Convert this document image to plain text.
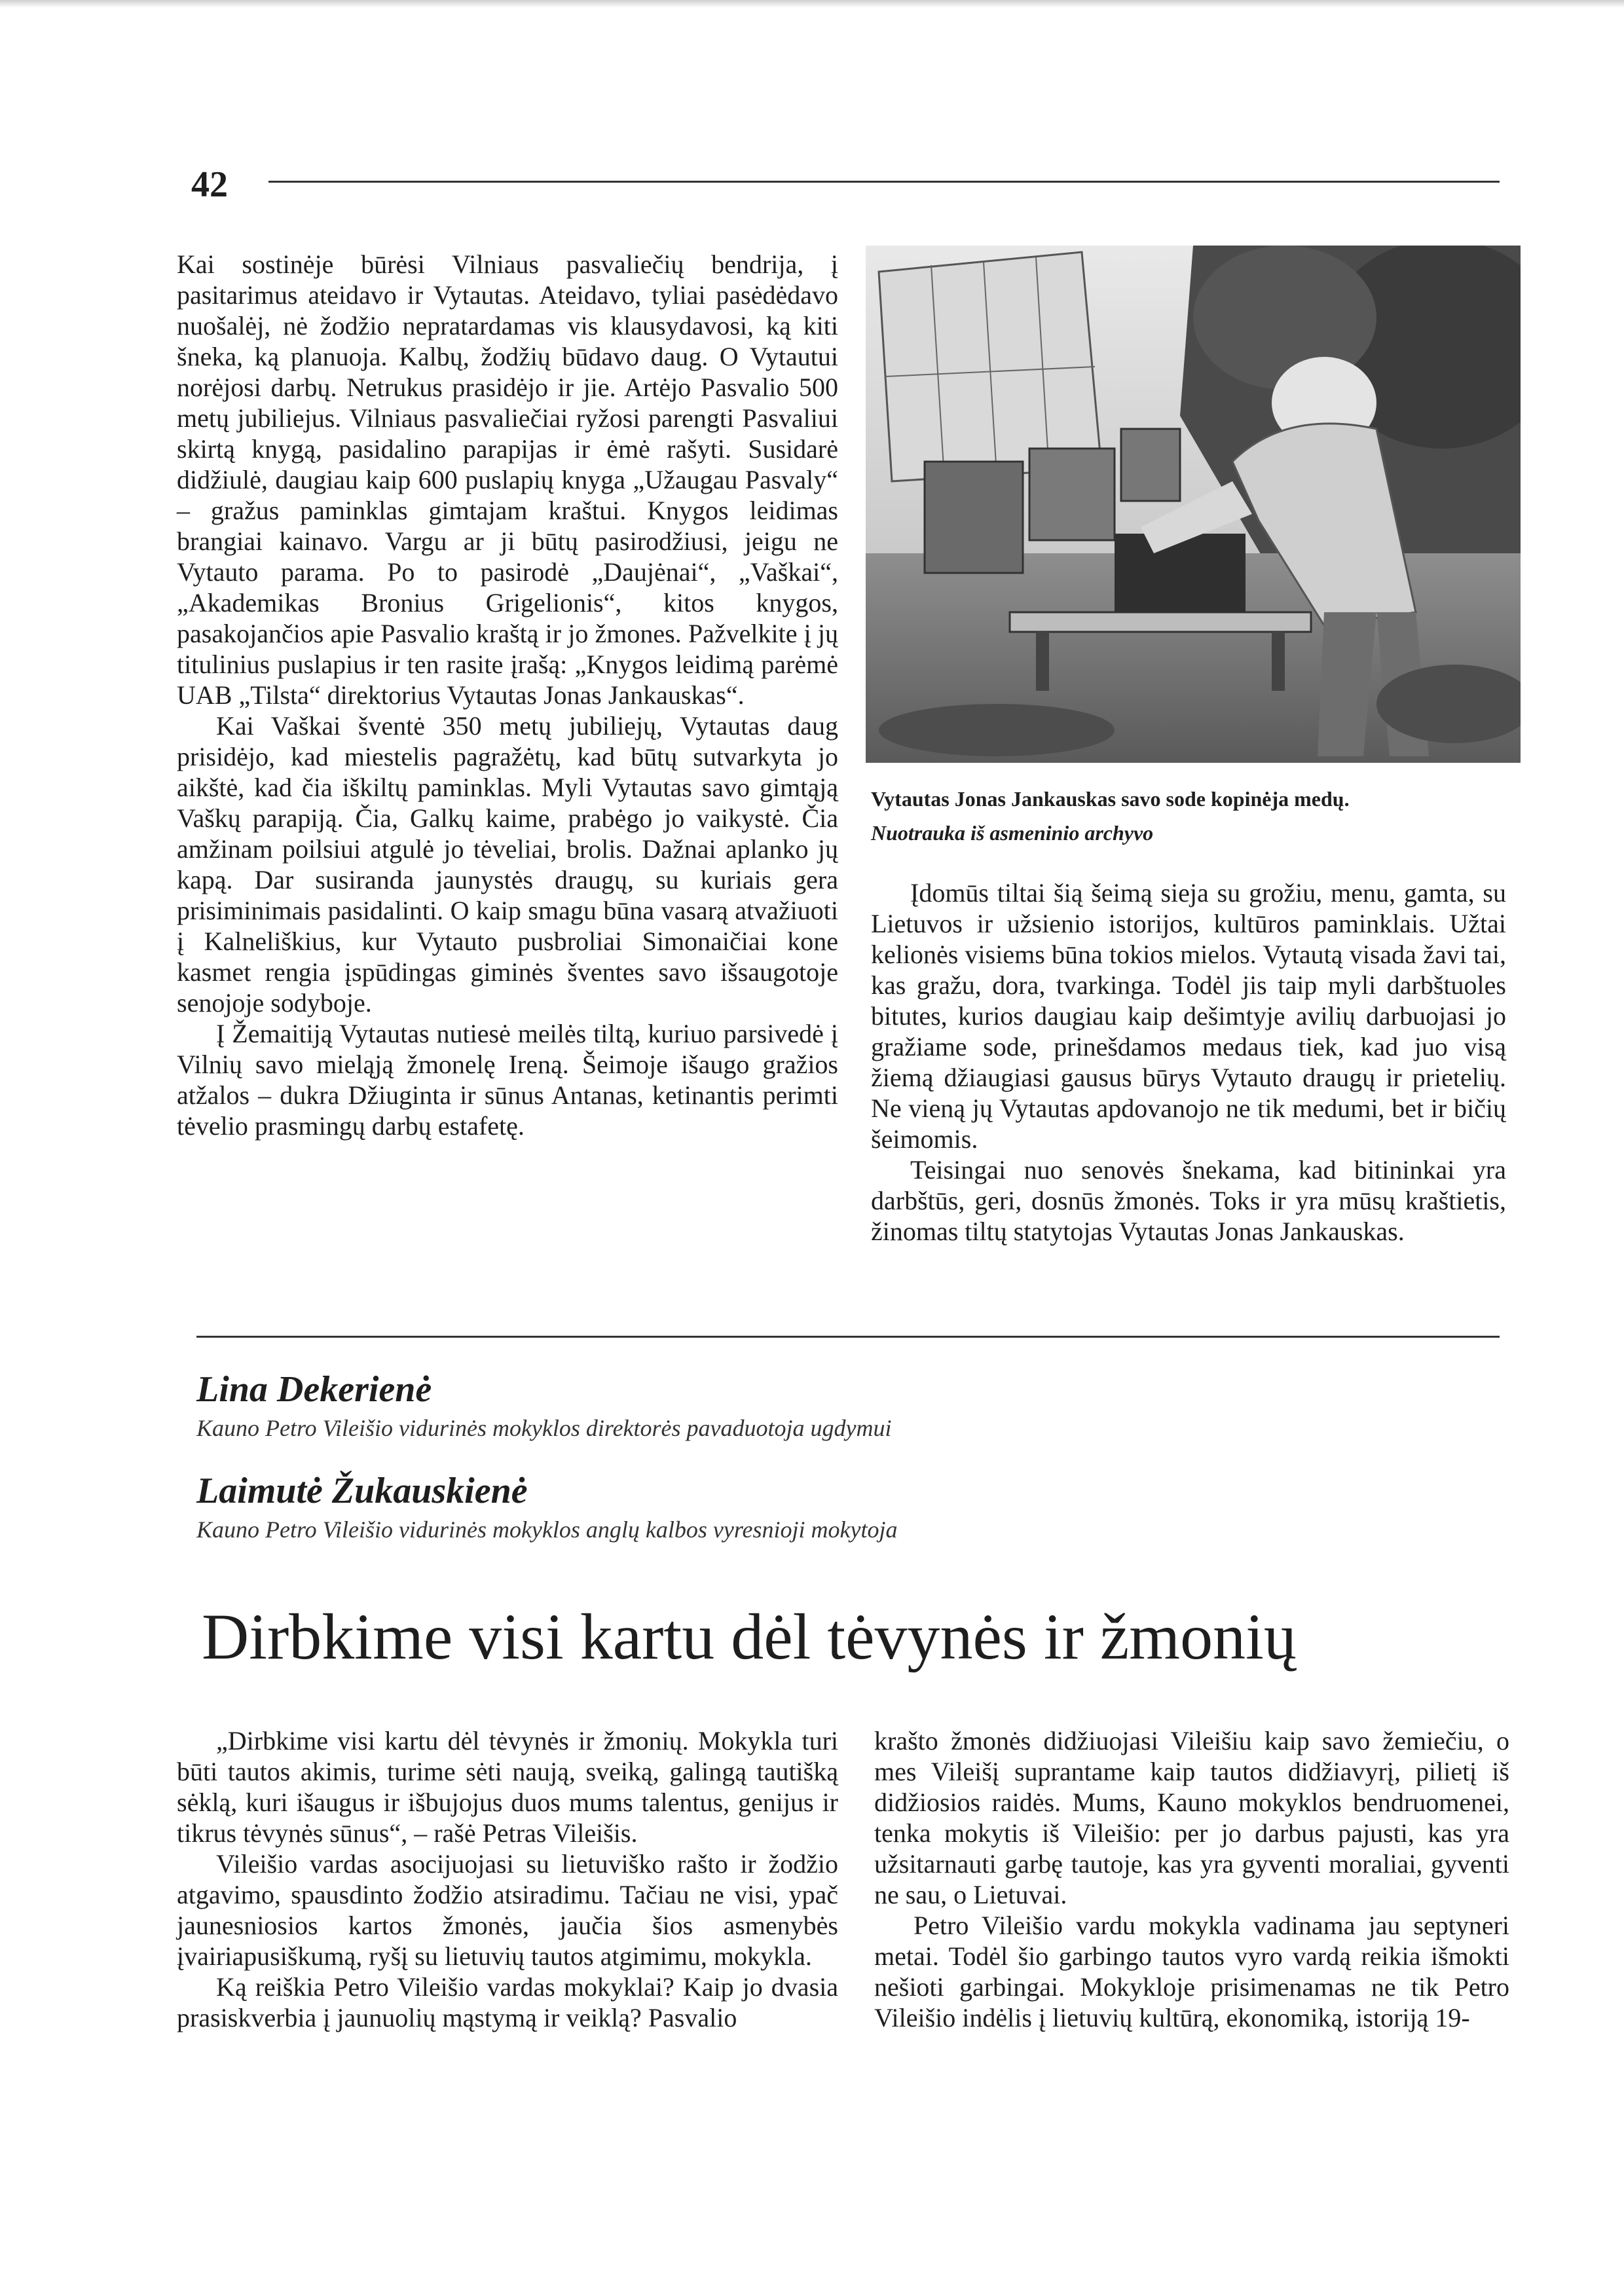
42

Kai sostinėje būrėsi Vilniaus pasvaliečių bendrija, į pasitarimus ateidavo ir Vytautas. Ateidavo, tyliai pasėdėdavo nuošalėj, nė žodžio nepratardamas vis klausydavosi, ką kiti šneka, ką planuoja. Kalbų, žodžių būdavo daug. O Vytautui norėjosi darbų. Netrukus prasidėjo ir jie. Artėjo Pasvalio 500 metų jubiliejus. Vilniaus pasvaliečiai ryžosi parengti Pasvaliui skirtą knygą, pasidalino parapijas ir ėmė rašyti. Susidarė didžiulė, daugiau kaip 600 puslapių knyga „Užaugau Pasvaly“ – gražus paminklas gimtajam kraštui. Knygos leidimas brangiai kainavo. Vargu ar ji būtų pasirodžiusi, jeigu ne Vytauto parama. Po to pasirodė „Daujėnai“, „Vaškai“, „Akademikas Bronius Grigelionis“, kitos knygos, pasakojančios apie Pasvalio kraštą ir jo žmones. Pažvelkite į jų titulinius puslapius ir ten rasite įrašą: „Knygos leidimą parėmė UAB „Tilsta“ direktorius Vytautas Jonas Jankauskas“.

Kai Vaškai šventė 350 metų jubiliejų, Vytautas daug prisidėjo, kad miestelis pagražėtų, kad būtų sutvarkyta jo aikštė, kad čia iškiltų paminklas. Myli Vytautas savo gimtąją Vaškų parapiją. Čia, Galkų kaime, prabėgo jo vaikystė. Čia amžinam poilsiui atgulė jo tėveliai, brolis. Dažnai aplanko jų kapą. Dar susiranda jaunystės draugų, su kuriais gera prisiminimais pasidalinti. O kaip smagu būna vasarą atvažiuoti į Kalneliškius, kur Vytauto pusbroliai Simonaičiai kone kasmet rengia įspūdingas giminės šventes savo išsaugotoje senojoje sodyboje.

Į Žemaitiją Vytautas nutiesė meilės tiltą, kuriuo parsivedė į Vilnių savo mieląją žmonelę Ireną. Šeimoje išaugo gražios atžalos – dukra Džiuginta ir sūnus Antanas, ketinantis perimti tėvelio prasmingų darbų estafetę.

Vytautas Jonas Jankauskas savo sode kopinėja medų.
Nuotrauka iš asmeninio archyvo

Įdomūs tiltai šią šeimą sieja su grožiu, menu, gamta, su Lietuvos ir užsienio istorijos, kultūros paminklais. Užtai kelionės visiems būna tokios mielos. Vytautą visada žavi tai, kas gražu, dora, tvarkinga. Todėl jis taip myli darbštuoles bitutes, kurios daugiau kaip dešimtyje avilių darbuojasi jo gražiame sode, prinešdamos medaus tiek, kad juo visą žiemą džiaugiasi gausus būrys Vytauto draugų ir prietelių. Ne vieną jų Vytautas apdovanojo ne tik medumi, bet ir bičių šeimomis.

Teisingai nuo senovės šnekama, kad bitininkai yra darbštūs, geri, dosnūs žmonės. Toks ir yra mūsų kraštietis, žinomas tiltų statytojas Vytautas Jonas Jankauskas.

Lina Dekerienė
Kauno Petro Vileišio vidurinės mokyklos direktorės pavaduotoja ugdymui
Laimutė Žukauskienė
Kauno Petro Vileišio vidurinės mokyklos anglų kalbos vyresnioji mokytoja
Dirbkime visi kartu dėl tėvynės ir žmonių

„Dirbkime visi kartu dėl tėvynės ir žmonių. Mokykla turi būti tautos akimis, turime sėti naują, sveiką, galingą tautišką sėklą, kuri išaugus ir išbujojus duos mums talentus, genijus ir tikrus tėvynės sūnus“, – rašė Petras Vileišis.

Vileišio vardas asocijuojasi su lietuviško rašto ir žodžio atgavimo, spausdinto žodžio atsiradimu. Tačiau ne visi, ypač jaunesniosios kartos žmonės, jaučia šios asmenybės įvairiapusiškumą, ryšį su lietuvių tautos atgimimu, mokykla.

Ką reiškia Petro Vileišio vardas mokyklai? Kaip jo dvasia prasiskverbia į jaunuolių mąstymą ir veiklą? Pasvalio

krašto žmonės didžiuojasi Vileišiu kaip savo žemiečiu, o mes Vileišį suprantame kaip tautos didžiavyrį, pilietį iš didžiosios raidės. Mums, Kauno mokyklos bendruomenei, tenka mokytis iš Vileišio: per jo darbus pajusti, kas yra užsitarnauti garbę tautoje, kas yra gyventi moraliai, gyventi ne sau, o Lietuvai.

Petro Vileišio vardu mokykla vadinama jau septyneri metai. Todėl šio garbingo tautos vyro vardą reikia išmokti nešioti garbingai. Mokykloje prisimenamas ne tik Petro Vileišio indėlis į lietuvių kultūrą, ekonomiką, istoriją 19-
